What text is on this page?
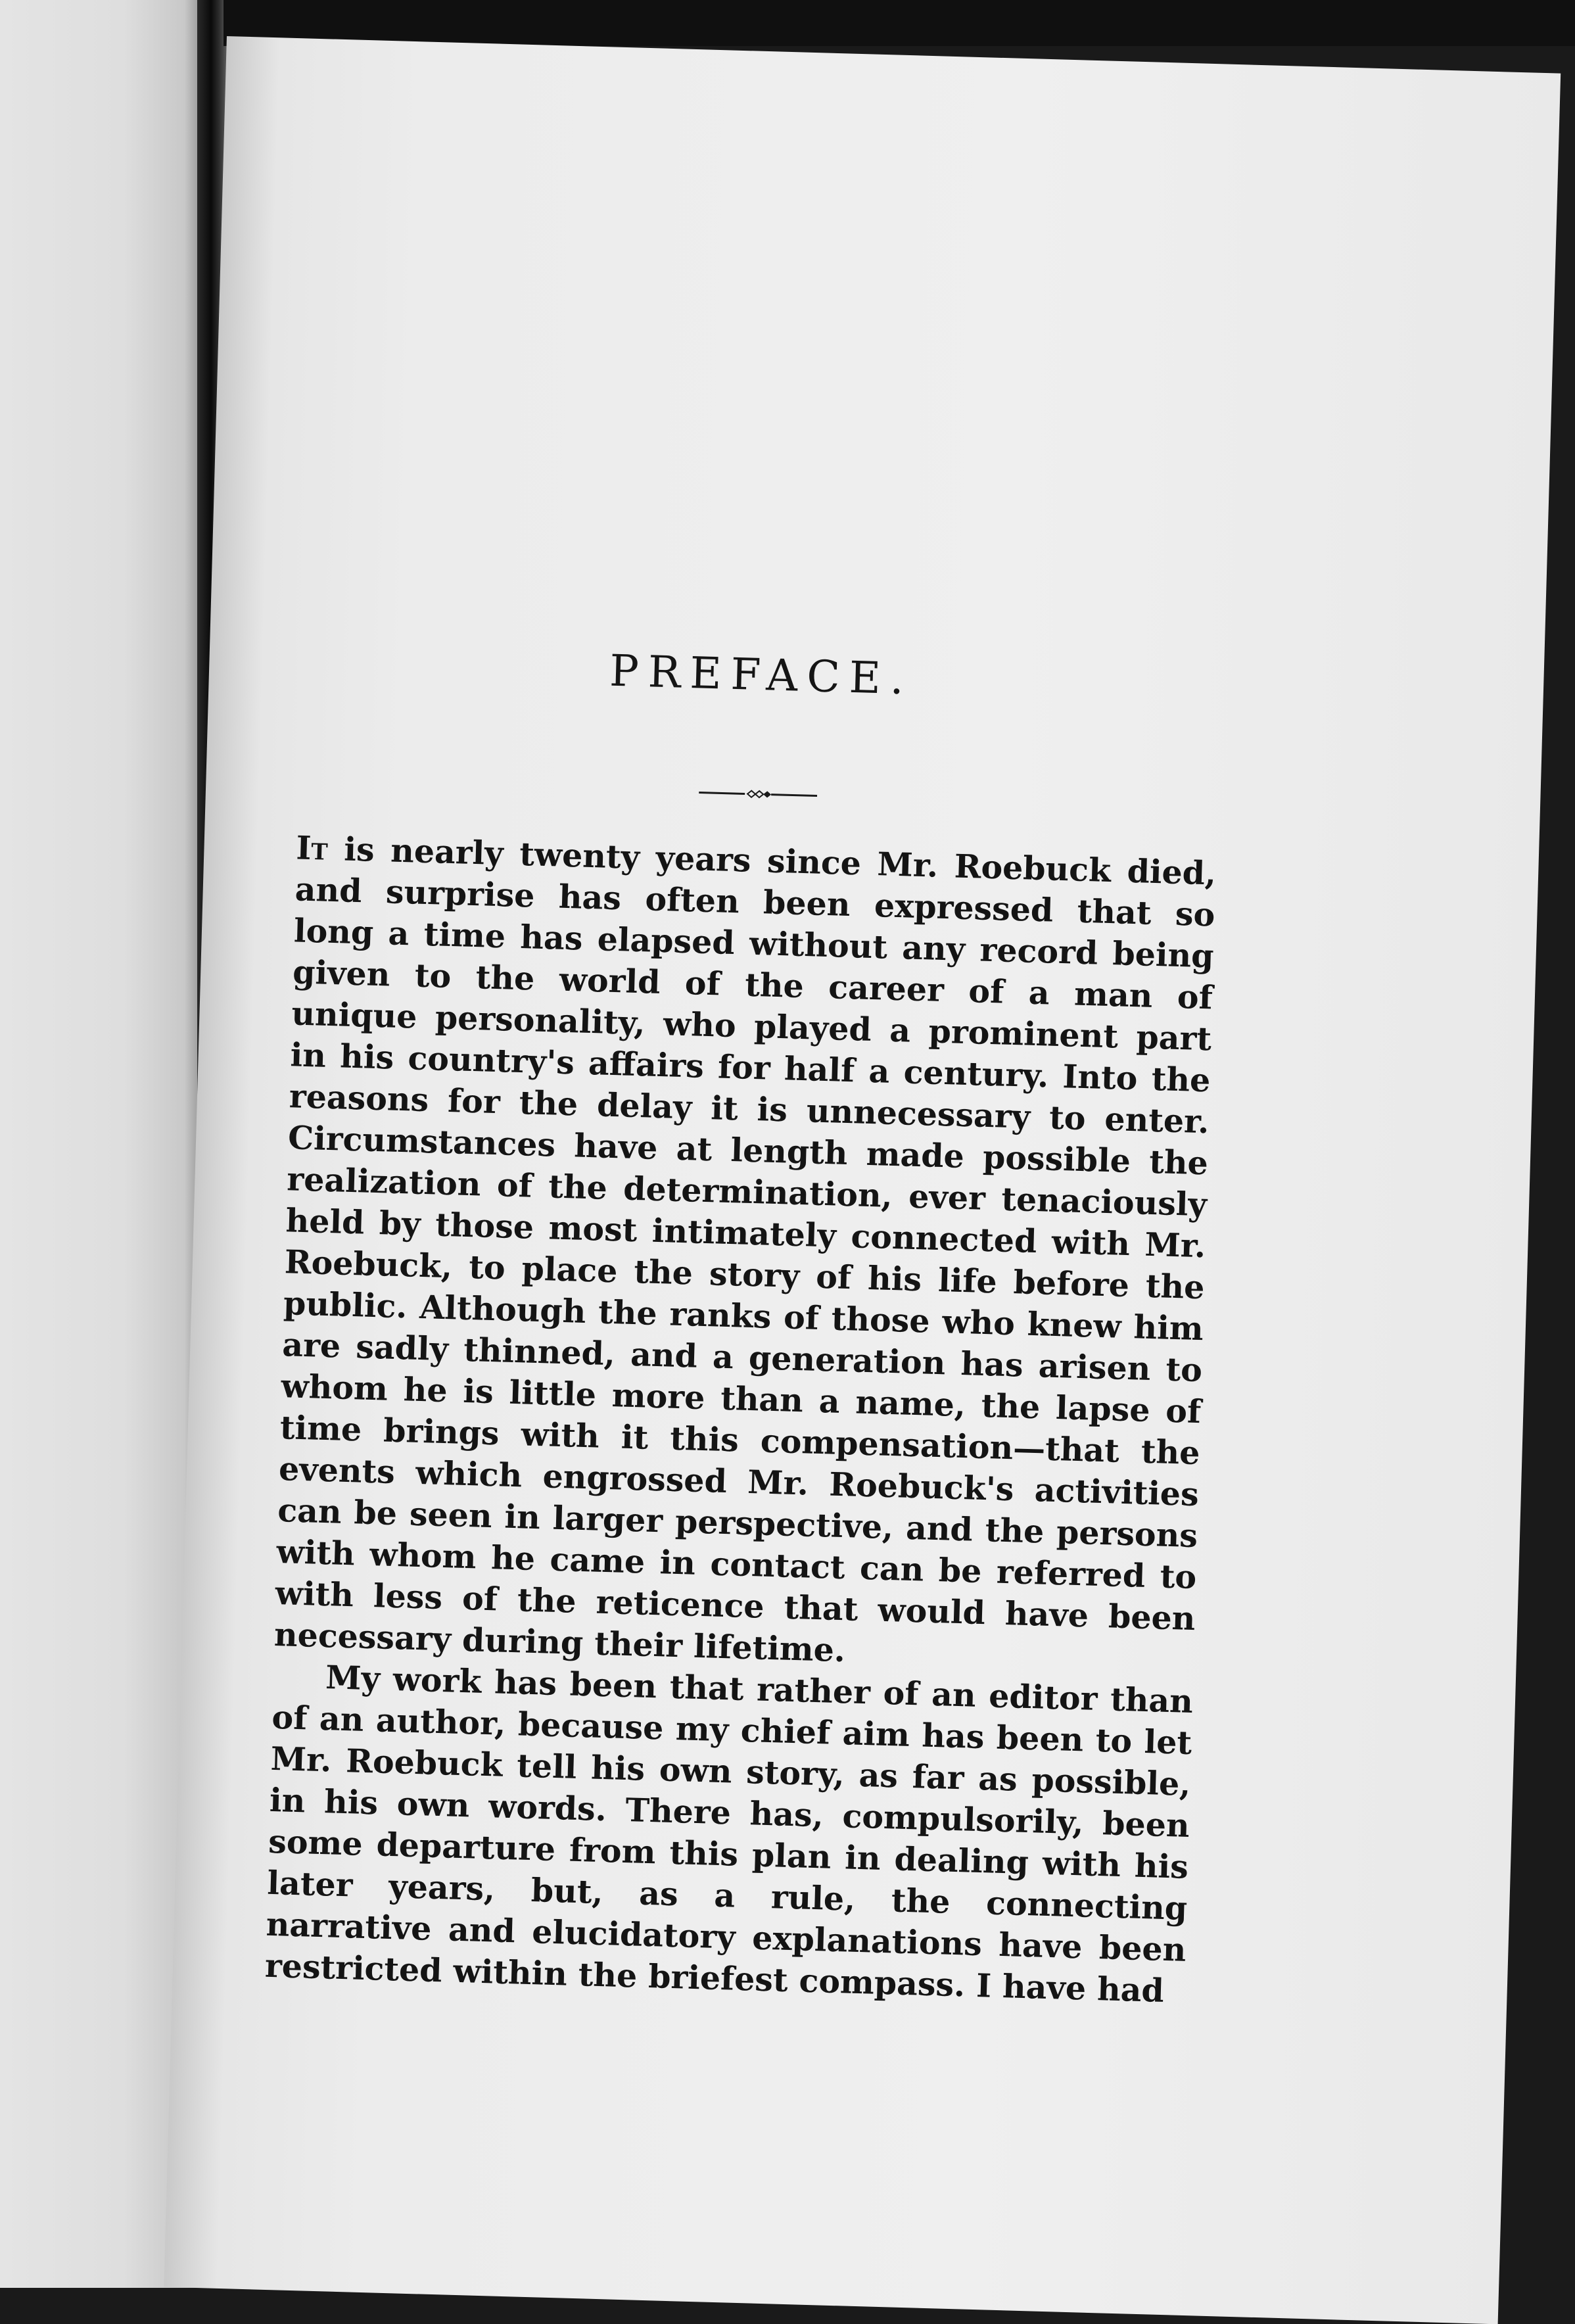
PREFACE.

It is nearly twenty years since Mr. Roebuck died, and surprise has often been expressed that so long a time has elapsed without any record being given to the world of the career of a man of unique personality, who played a prominent part in his country's affairs for half a century. Into the reasons for the delay it is unnecessary to enter. Circumstances have at length made possible the realization of the determination, ever tenaciously held by those most intimately connected with Mr. Roebuck, to place the story of his life before the public. Although the ranks of those who knew him are sadly thinned, and a generation has arisen to whom he is little more than a name, the lapse of time brings with it this compensation—that the events which engrossed Mr. Roebuck's activities can be seen in larger perspective, and the persons with whom he came in contact can be referred to with less of the reticence that would have been necessary during their lifetime.

My work has been that rather of an editor than of an author, because my chief aim has been to let Mr. Roebuck tell his own story, as far as possible, in his own words. There has, compulsorily, been some departure from this plan in dealing with his later years, but, as a rule, the connecting narrative and elucidatory explanations have been restricted within the briefest compass. I have had
